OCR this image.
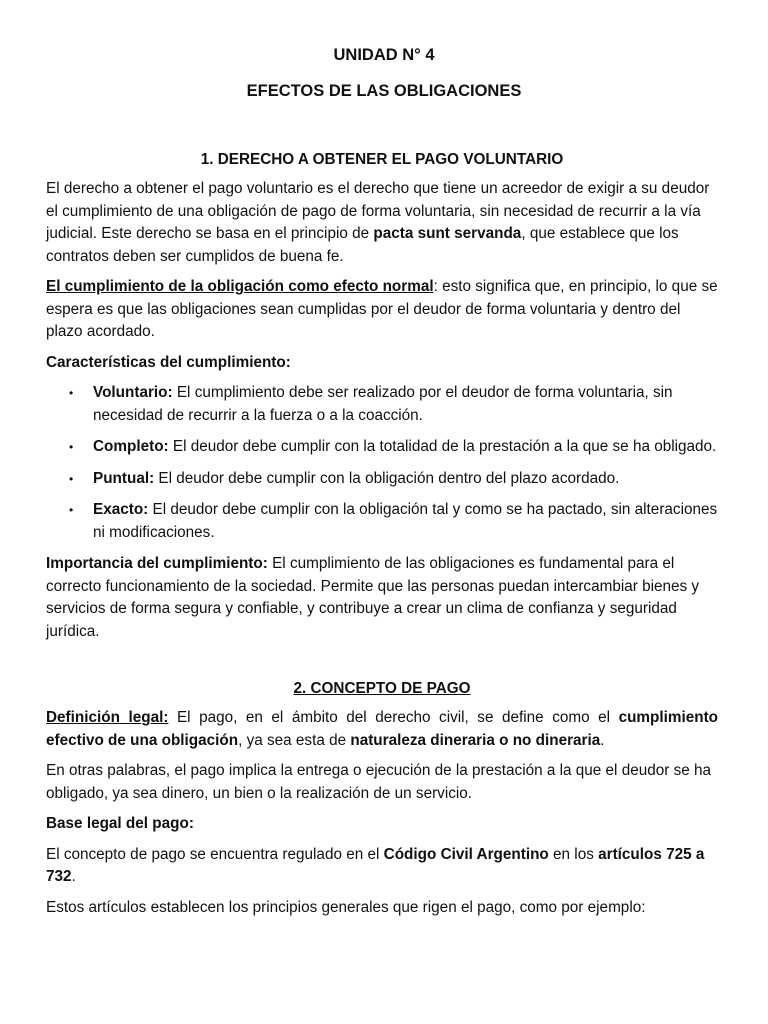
UNIDAD N° 4
EFECTOS DE LAS OBLIGACIONES
1. DERECHO A OBTENER EL PAGO VOLUNTARIO

El derecho a obtener el pago voluntario es el derecho que tiene un acreedor de exigir a su deudor el cumplimiento de una obligación de pago de forma voluntaria, sin necesidad de recurrir a la vía judicial. Este derecho se basa en el principio de pacta sunt servanda, que establece que los contratos deben ser cumplidos de buena fe.

El cumplimiento de la obligación como efecto normal: esto significa que, en principio, lo que se espera es que las obligaciones sean cumplidas por el deudor de forma voluntaria y dentro del plazo acordado.

Características del cumplimiento:

• Voluntario: El cumplimiento debe ser realizado por el deudor de forma voluntaria, sin necesidad de recurrir a la fuerza o a la coacción.
• Completo: El deudor debe cumplir con la totalidad de la prestación a la que se ha obligado.
• Puntual: El deudor debe cumplir con la obligación dentro del plazo acordado.
• Exacto: El deudor debe cumplir con la obligación tal y como se ha pactado, sin alteraciones ni modificaciones.

Importancia del cumplimiento: El cumplimiento de las obligaciones es fundamental para el correcto funcionamiento de la sociedad. Permite que las personas puedan intercambiar bienes y servicios de forma segura y confiable, y contribuye a crear un clima de confianza y seguridad jurídica.

2. CONCEPTO DE PAGO

Definición legal: El pago, en el ámbito del derecho civil, se define como el cumplimiento efectivo de una obligación, ya sea esta de naturaleza dineraria o no dineraria.

En otras palabras, el pago implica la entrega o ejecución de la prestación a la que el deudor se ha obligado, ya sea dinero, un bien o la realización de un servicio.

Base legal del pago:

El concepto de pago se encuentra regulado en el Código Civil Argentino en los artículos 725 a 732.

Estos artículos establecen los principios generales que rigen el pago, como por ejemplo:
